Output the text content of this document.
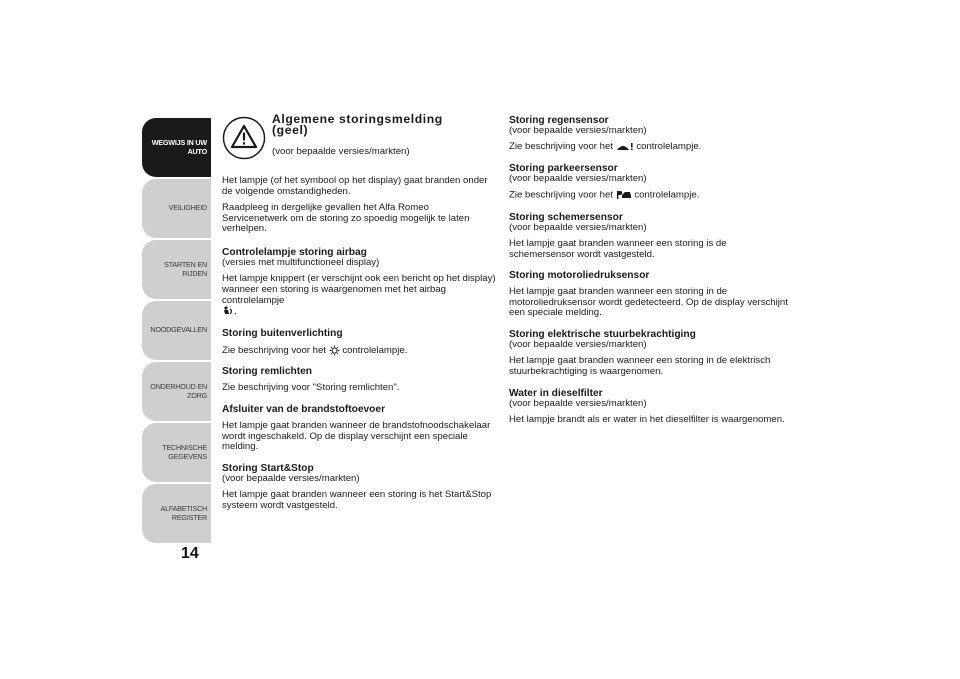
WEGWIJS IN UW
AUTO
VEILIGHEID
STARTEN EN RIJDEN
NOODGEVALLEN
ONDERHOUD EN
ZORG
TECHNISCHE
GEGEVENS
ALFABETISCH
REGISTER
14
Algemene storingsmelding
(geel)
(voor bepaalde versies/markten)

Het lampje (of het symbool op het display) gaat branden onder de volgende omstandigheden.

Raadpleeg in dergelijke gevallen het Alfa Romeo Servicenetwerk om de storing zo spoedig mogelijk te laten verhelpen.

Controlelampje storing airbag
(versies met multifunctioneel display)

Het lampje knippert (er verschijnt ook een bericht op het display) wanneer een storing is waargenomen met het airbag controlelampje
.

Storing buitenverlichting

Zie beschrijving voor het controlelampje.

Storing remlichten

Zie beschrijving voor "Storing remlichten".

Afsluiter van de brandstoftoevoer

Het lampje gaat branden wanneer de brandstofnoodschakelaar wordt ingeschakeld. Op de display verschijnt een speciale melding.

Storing Start&Stop
(voor bepaalde versies/markten)

Het lampje gaat branden wanneer een storing is het Start&Stop systeem wordt vastgesteld.

Storing regensensor
(voor bepaalde versies/markten)

Zie beschrijving voor het controlelampje.

Storing parkeersensor
(voor bepaalde versies/markten)

Zie beschrijving voor het controlelampje.

Storing schemersensor
(voor bepaalde versies/markten)

Het lampje gaat branden wanneer een storing is de schemersensor wordt vastgesteld.

Storing motoroliedruksensor

Het lampje gaat branden wanneer een storing in de motoroliedruksensor wordt gedetecteerd. Op de display verschijnt een speciale melding.

Storing elektrische stuurbekrachtiging
(voor bepaalde versies/markten)

Het lampje gaat branden wanneer een storing in de elektrisch stuurbekrachtiging is waargenomen.

Water in dieselfilter
(voor bepaalde versies/markten)

Het lampje brandt als er water in het dieselfilter is waargenomen.
